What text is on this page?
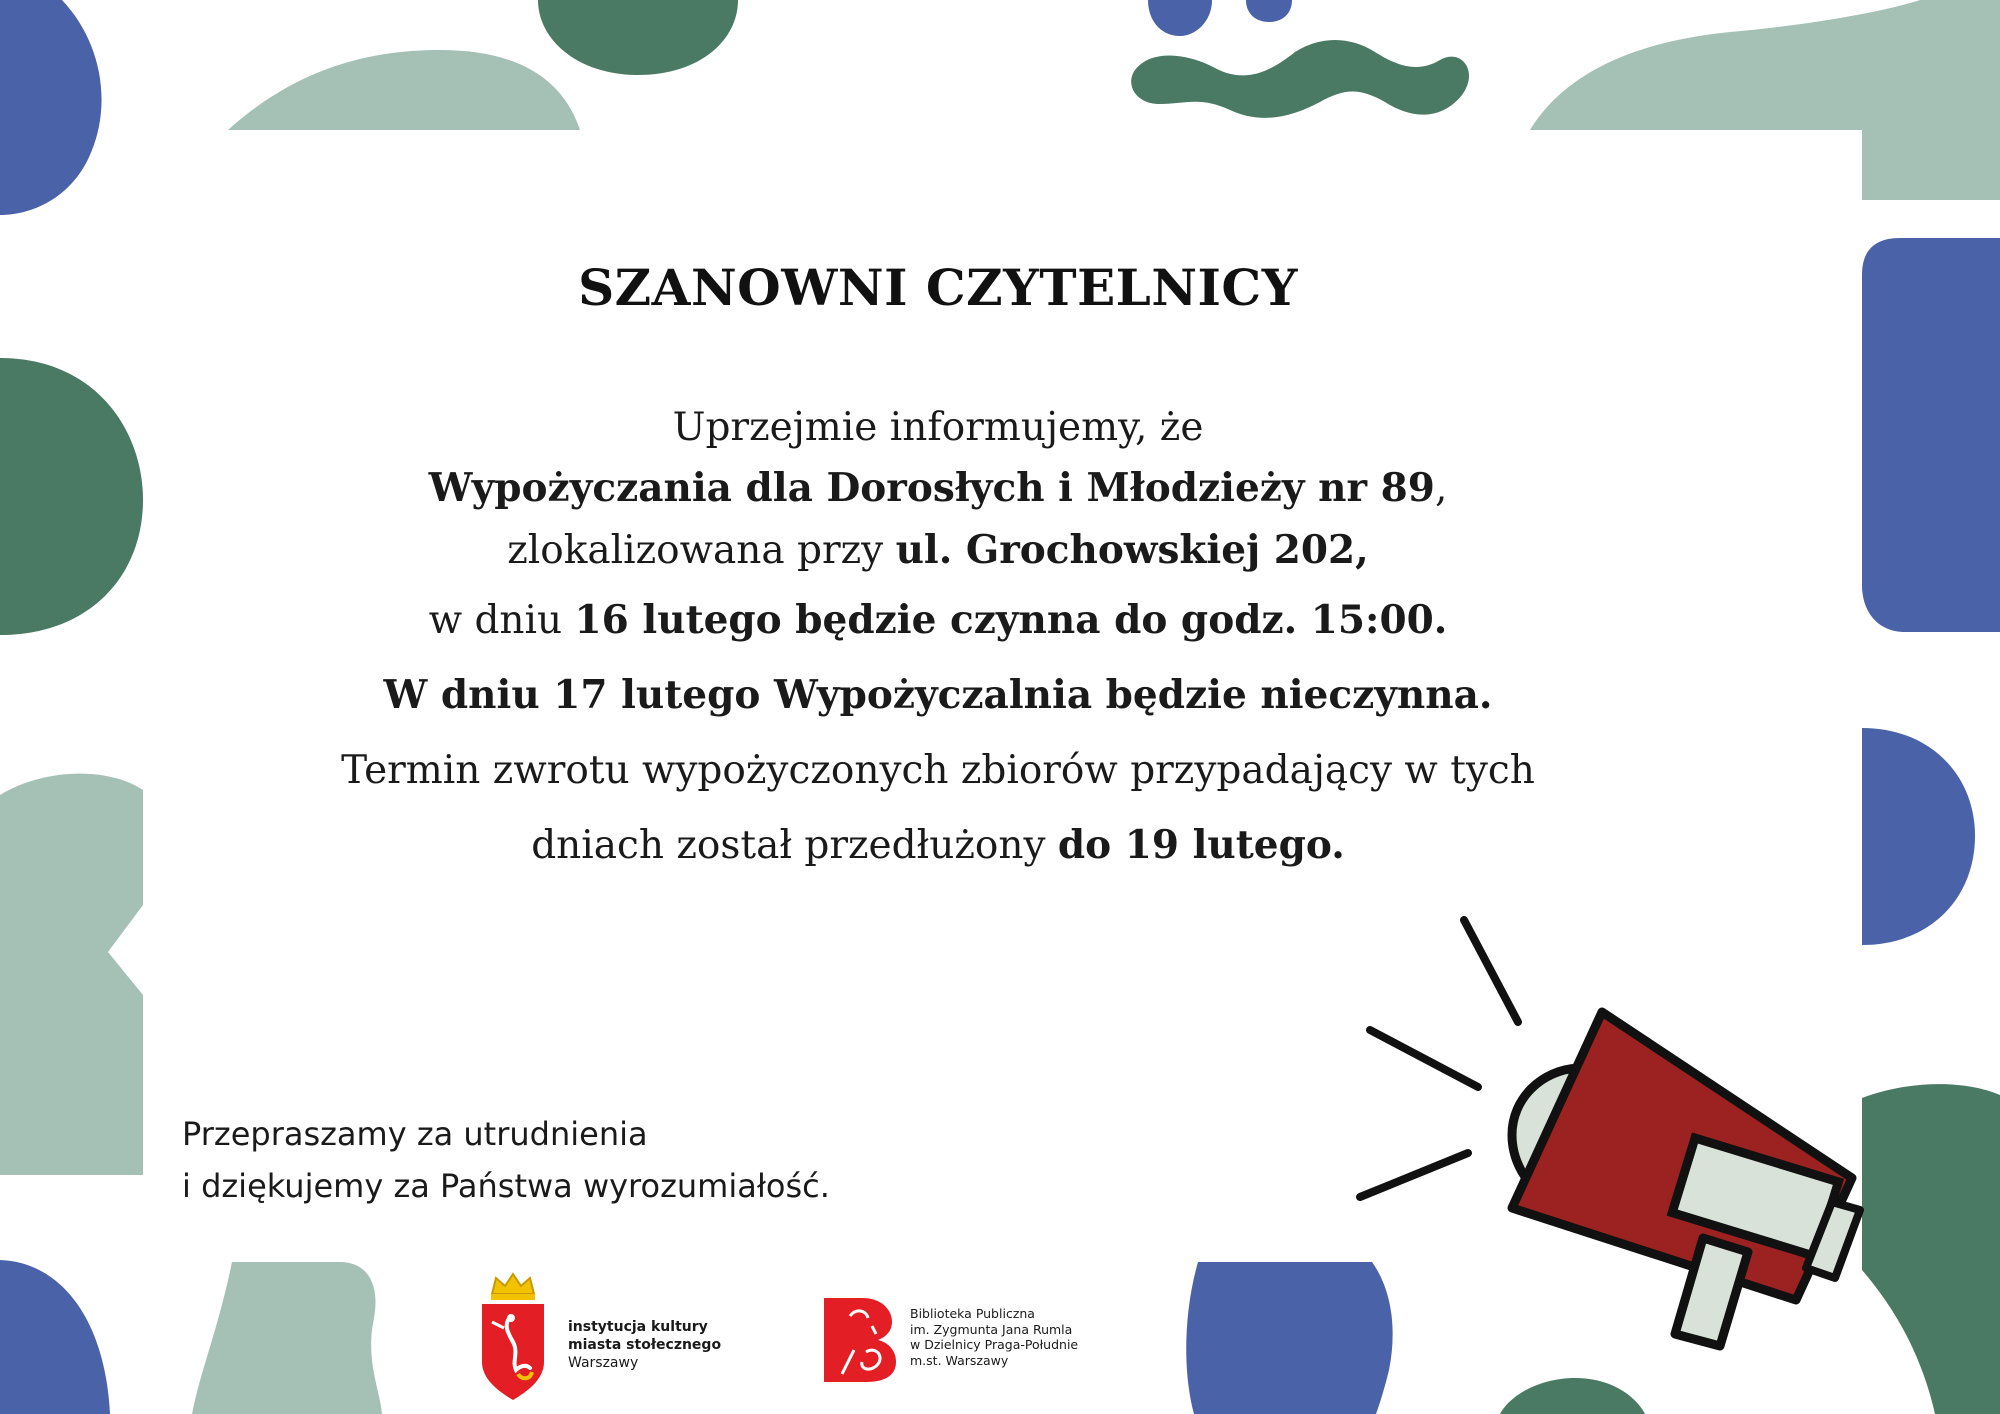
SZANOWNI CZYTELNICY
Uprzejmie informujemy, że
Wypożyczania dla Dorosłych i Młodzieży nr 89,
zlokalizowana przy ul. Grochowskiej 202,
w dniu 16 lutego będzie czynna do godz. 15:00.
W dniu 17 lutego Wypożyczalnia będzie nieczynna.
Termin zwrotu wypożyczonych zbiorów przypadający w tych
dniach został przedłużony do 19 lutego.
Przepraszamy za utrudnienia
i dziękujemy za Państwa wyrozumiałość.
instytucja kultury
miasta stołecznego
Warszawy
Biblioteka Publiczna
im. Zygmunta Jana Rumla
w Dzielnicy Praga-Południe
m.st. Warszawy
